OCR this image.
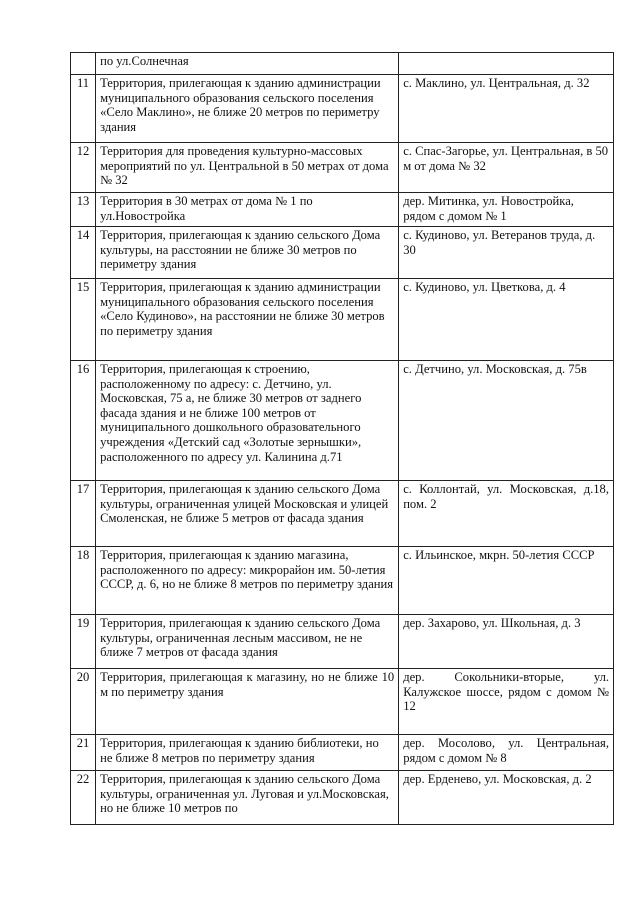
	по ул.Солнечная	
11	Территория, прилегающая к зданию администрации муниципального образования сельского поселения «Село Маклино», не ближе 20 метров по периметру здания	с. Маклино, ул. Центральная, д. 32
12	Территория для проведения культурно-массовых мероприятий по ул. Центральной в 50 метрах от дома № 32	с. Спас-Загорье, ул. Центральная, в 50 м от дома № 32
13	Территория в 30 метрах от дома № 1 по ул.Новостройка	дер. Митинка, ул. Новостройка, рядом с домом № 1
14	Территория, прилегающая к зданию сельского Дома культуры, на расстоянии не ближе 30 метров по периметру здания	с. Кудиново, ул. Ветеранов труда, д. 30
15	Территория, прилегающая к зданию администрации муниципального образования сельского поселения «Село Кудиново», на расстоянии не ближе 30 метров по периметру здания	с. Кудиново, ул. Цветкова, д. 4
16	Территория, прилегающая к строению, расположенному по адресу: с. Детчино, ул. Московская, 75 а, не ближе 30 метров от заднего фасада здания и не ближе 100 метров от муниципального дошкольного образовательного учреждения «Детский сад «Золотые зернышки», расположенного по адресу ул. Калинина д.71	с. Детчино, ул. Московская, д. 75в
17	Территория, прилегающая к зданию сельского Дома культуры, ограниченная улицей Московская и улицей Смоленская, не ближе 5 метров от фасада здания	с. Коллонтай, ул. Московская, д.18, пом. 2
18	Территория, прилегающая к зданию магазина, расположенного по адресу: микрорайон им. 50-летия СССР, д. 6, но не ближе 8 метров по периметру здания	с. Ильинское, мкрн. 50-летия СССР
19	Территория, прилегающая к зданию сельского Дома культуры, ограниченная лесным массивом, не не ближе 7 метров от фасада здания	дер. Захарово, ул. Школьная, д. 3
20	Территория, прилегающая к магазину, но не ближе 10 м по периметру здания	дер. Сокольники-вторые, ул. Калужское шоссе, рядом с домом № 12
21	Территория, прилегающая к зданию библиотеки, но не ближе 8 метров по периметру здания	дер. Мосолово, ул. Центральная, рядом с домом № 8
22	Территория, прилегающая к зданию сельского Дома культуры, ограниченная ул. Луговая и ул.Московская, но не ближе 10 метров по	дер. Ерденево, ул. Московская, д. 2
